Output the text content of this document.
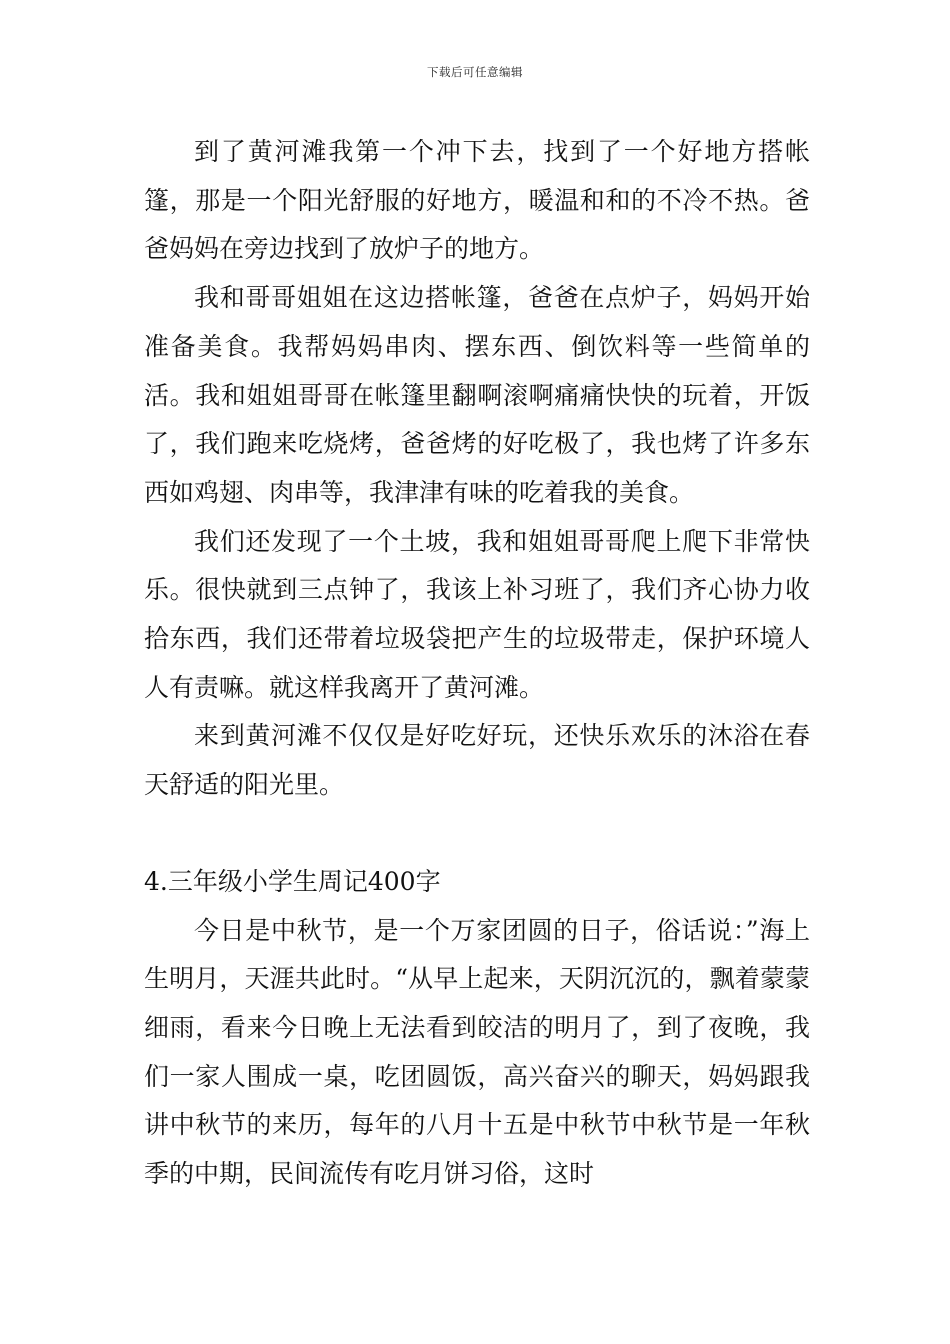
下载后可任意编辑

到了黄河滩我第一个冲下去，找到了一个好地方搭帐篷，那是一个阳光舒服的好地方，暖温和和的不冷不热。爸爸妈妈在旁边找到了放炉子的地方。

我和哥哥姐姐在这边搭帐篷，爸爸在点炉子，妈妈开始准备美食。我帮妈妈串肉、摆东西、倒饮料等一些简单的活。我和姐姐哥哥在帐篷里翻啊滚啊痛痛快快的玩着，开饭了，我们跑来吃烧烤，爸爸烤的好吃极了，我也烤了许多东西如鸡翅、肉串等，我津津有味的吃着我的美食。

我们还发现了一个土坡，我和姐姐哥哥爬上爬下非常快乐。很快就到三点钟了，我该上补习班了，我们齐心协力收拾东西，我们还带着垃圾袋把产生的垃圾带走，保护环境人人有责嘛。就这样我离开了黄河滩。

来到黄河滩不仅仅是好吃好玩，还快乐欢乐的沐浴在春天舒适的阳光里。

4.三年级小学生周记400字

今日是中秋节，是一个万家团圆的日子，俗话说：”海上生明月，天涯共此时。“从早上起来，天阴沉沉的，飘着蒙蒙细雨，看来今日晚上无法看到皎洁的明月了，到了夜晚，我们一家人围成一桌，吃团圆饭，高兴奋兴的聊天，妈妈跟我讲中秋节的来历，每年的八月十五是中秋节中秋节是一年秋季的中期，民间流传有吃月饼习俗，这时
